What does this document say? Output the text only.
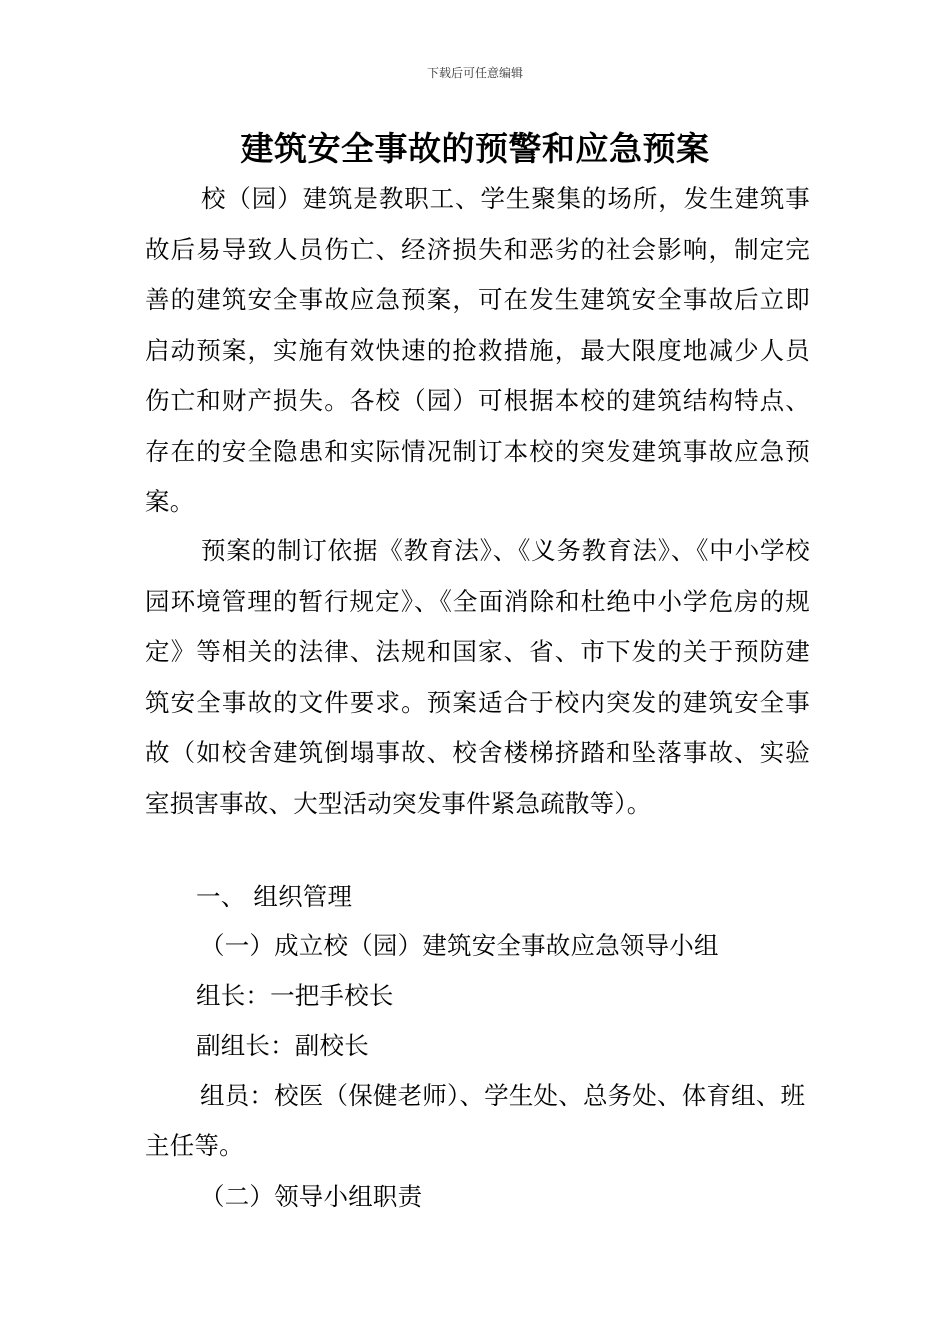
下载后可任意编辑
建筑安全事故的预警和应急预案

校（园）建筑是教职工、学生聚集的场所，发生建筑事故后易导致人员伤亡、经济损失和恶劣的社会影响，制定完善的建筑安全事故应急预案，可在发生建筑安全事故后立即启动预案，实施有效快速的抢救措施，最大限度地减少人员伤亡和财产损失。各校（园）可根据本校的建筑结构特点、存在的安全隐患和实际情况制订本校的突发建筑事故应急预案。

预案的制订依据《教育法》、《义务教育法》、《中小学校园环境管理的暂行规定》、《全面消除和杜绝中小学危房的规定》等相关的法律、法规和国家、省、市下发的关于预防建筑安全事故的文件要求。预案适合于校内突发的建筑安全事故（如校舍建筑倒塌事故、校舍楼梯挤踏和坠落事故、实验室损害事故、大型活动突发事件紧急疏散等）。

一、 组织管理
（一）成立校（园）建筑安全事故应急领导小组
组长：一把手校长
副组长：副校长
组员：校医（保健老师）、学生处、总务处、体育组、班主任等。
（二）领导小组职责
